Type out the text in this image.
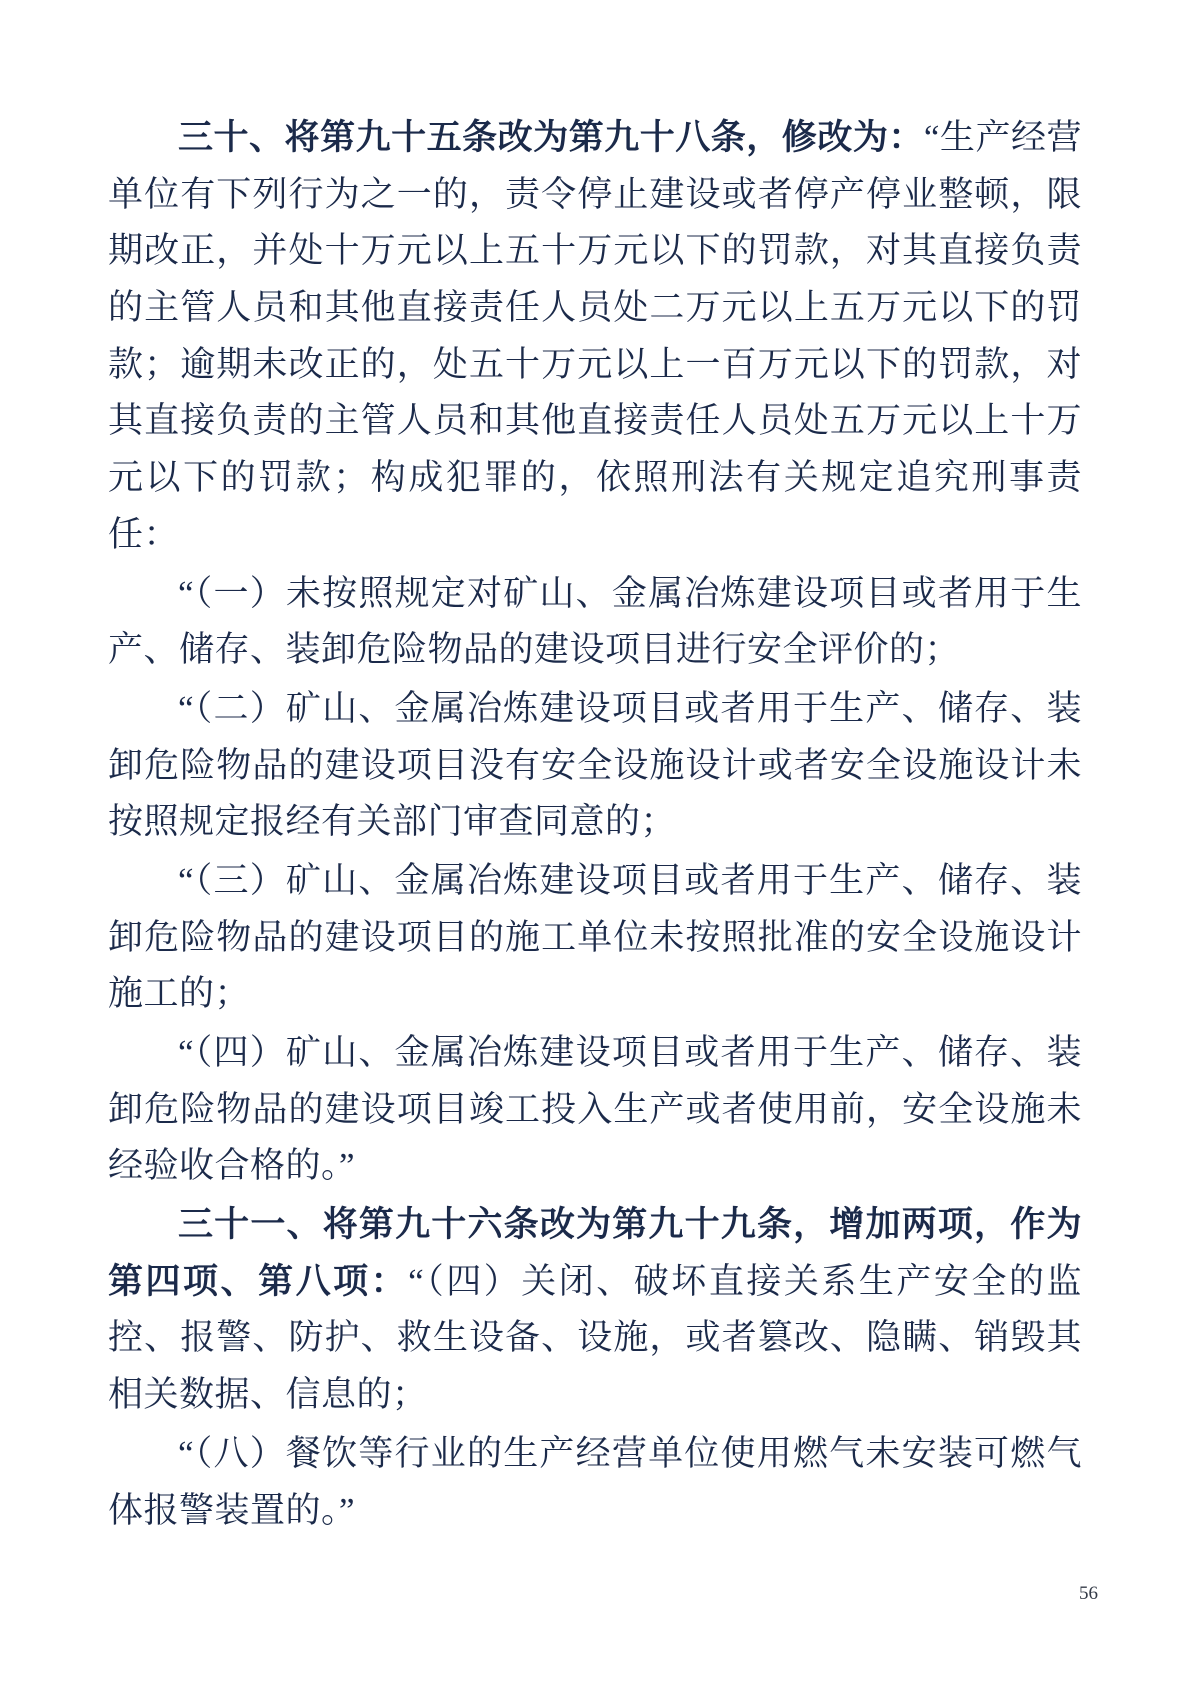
三十、将第九十五条改为第九十八条，修改为：“生产经营单位有下列行为之一的，责令停止建设或者停产停业整顿，限期改正，并处十万元以上五十万元以下的罚款，对其直接负责的主管人员和其他直接责任人员处二万元以上五万元以下的罚款；逾期未改正的，处五十万元以上一百万元以下的罚款，对其直接负责的主管人员和其他直接责任人员处五万元以上十万元以下的罚款；构成犯罪的，依照刑法有关规定追究刑事责任：

“（一）未按照规定对矿山、金属冶炼建设项目或者用于生产、储存、装卸危险物品的建设项目进行安全评价的；

“（二）矿山、金属冶炼建设项目或者用于生产、储存、装卸危险物品的建设项目没有安全设施设计或者安全设施设计未按照规定报经有关部门审查同意的；

“（三）矿山、金属冶炼建设项目或者用于生产、储存、装卸危险物品的建设项目的施工单位未按照批准的安全设施设计施工的；

“（四）矿山、金属冶炼建设项目或者用于生产、储存、装卸危险物品的建设项目竣工投入生产或者使用前，安全设施未经验收合格的。”

三十一、将第九十六条改为第九十九条，增加两项，作为第四项、第八项：“（四）关闭、破坏直接关系生产安全的监控、报警、防护、救生设备、设施，或者篡改、隐瞒、销毁其相关数据、信息的；

“（八）餐饮等行业的生产经营单位使用燃气未安装可燃气体报警装置的。”

56
